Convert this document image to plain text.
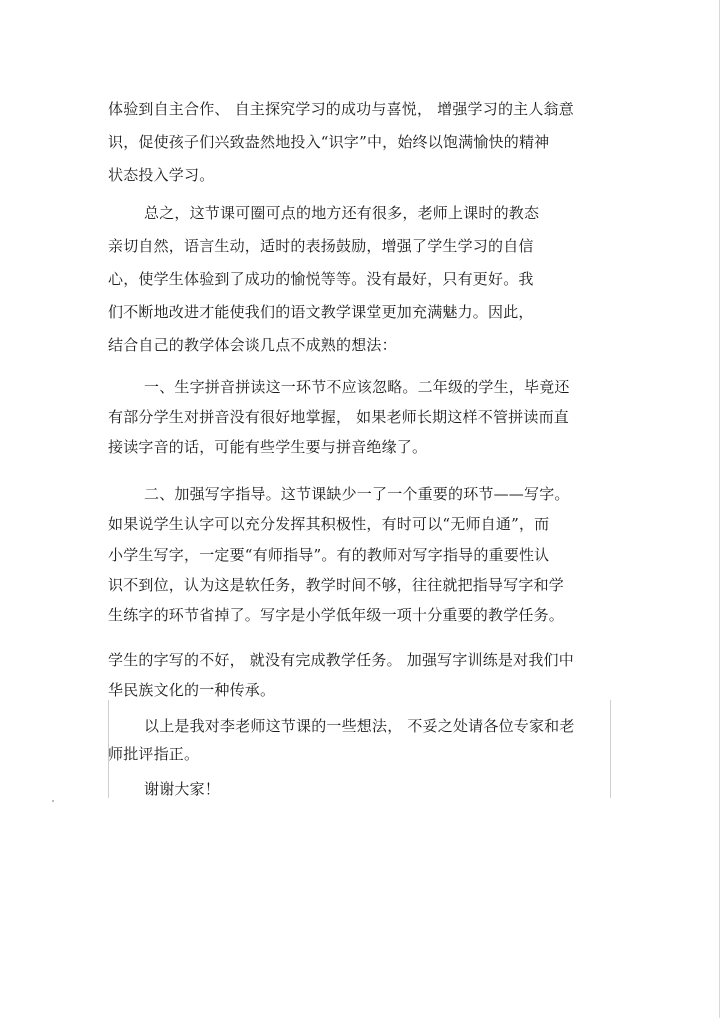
体验到自主合作、 自主探究学习的成功与喜悦， 增强学习的主人翁意
识，促使孩子们兴致盎然地投入“识字”中，始终以饱满愉快的精神
状态投入学习。
总之，这节课可圈可点的地方还有很多，老师上课时的教态
亲切自然，语言生动，适时的表扬鼓励，增强了学生学习的自信
心，使学生体验到了成功的愉悦等等。没有最好，只有更好。我
们不断地改进才能使我们的语文教学课堂更加充满魅力。因此，
结合自己的教学体会谈几点不成熟的想法：
一、生字拼音拼读这一环节不应该忽略。二年级的学生，毕竟还
有部分学生对拼音没有很好地掌握， 如果老师长期这样不管拼读而直
接读字音的话，可能有些学生要与拼音绝缘了。
二、加强写字指导。这节课缺少一了一个重要的环节——写字。
如果说学生认字可以充分发挥其积极性，有时可以“无师自通”，而
小学生写字，一定要“有师指导”。有的教师对写字指导的重要性认
识不到位，认为这是软任务，教学时间不够，往往就把指导写字和学
生练字的环节省掉了。写字是小学低年级一项十分重要的教学任务。
学生的字写的不好， 就没有完成教学任务。 加强写字训练是对我们中
华民族文化的一种传承。
以上是我对李老师这节课的一些想法， 不妥之处请各位专家和老
师批评指正。
谢谢大家！
